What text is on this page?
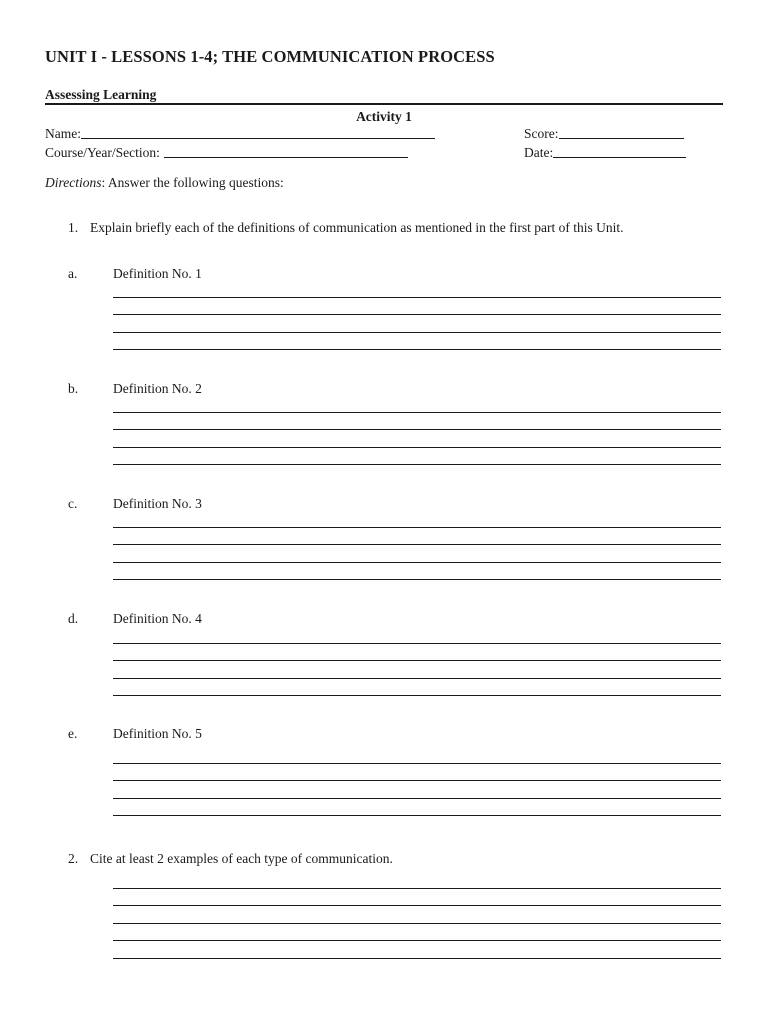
UNIT I - LESSONS 1-4; THE COMMUNICATION PROCESS
Assessing Learning
Activity 1
Name:	Score:
Course/Year/Section:	Date:
Directions: Answer the following questions:
1. Explain briefly each of the definitions of communication as mentioned in the first part of this Unit.
a.	Definition No. 1
b.	Definition No. 2
c.	Definition No. 3
d.	Definition No. 4
e.	Definition No. 5
2. Cite at least 2 examples of each type of communication.
